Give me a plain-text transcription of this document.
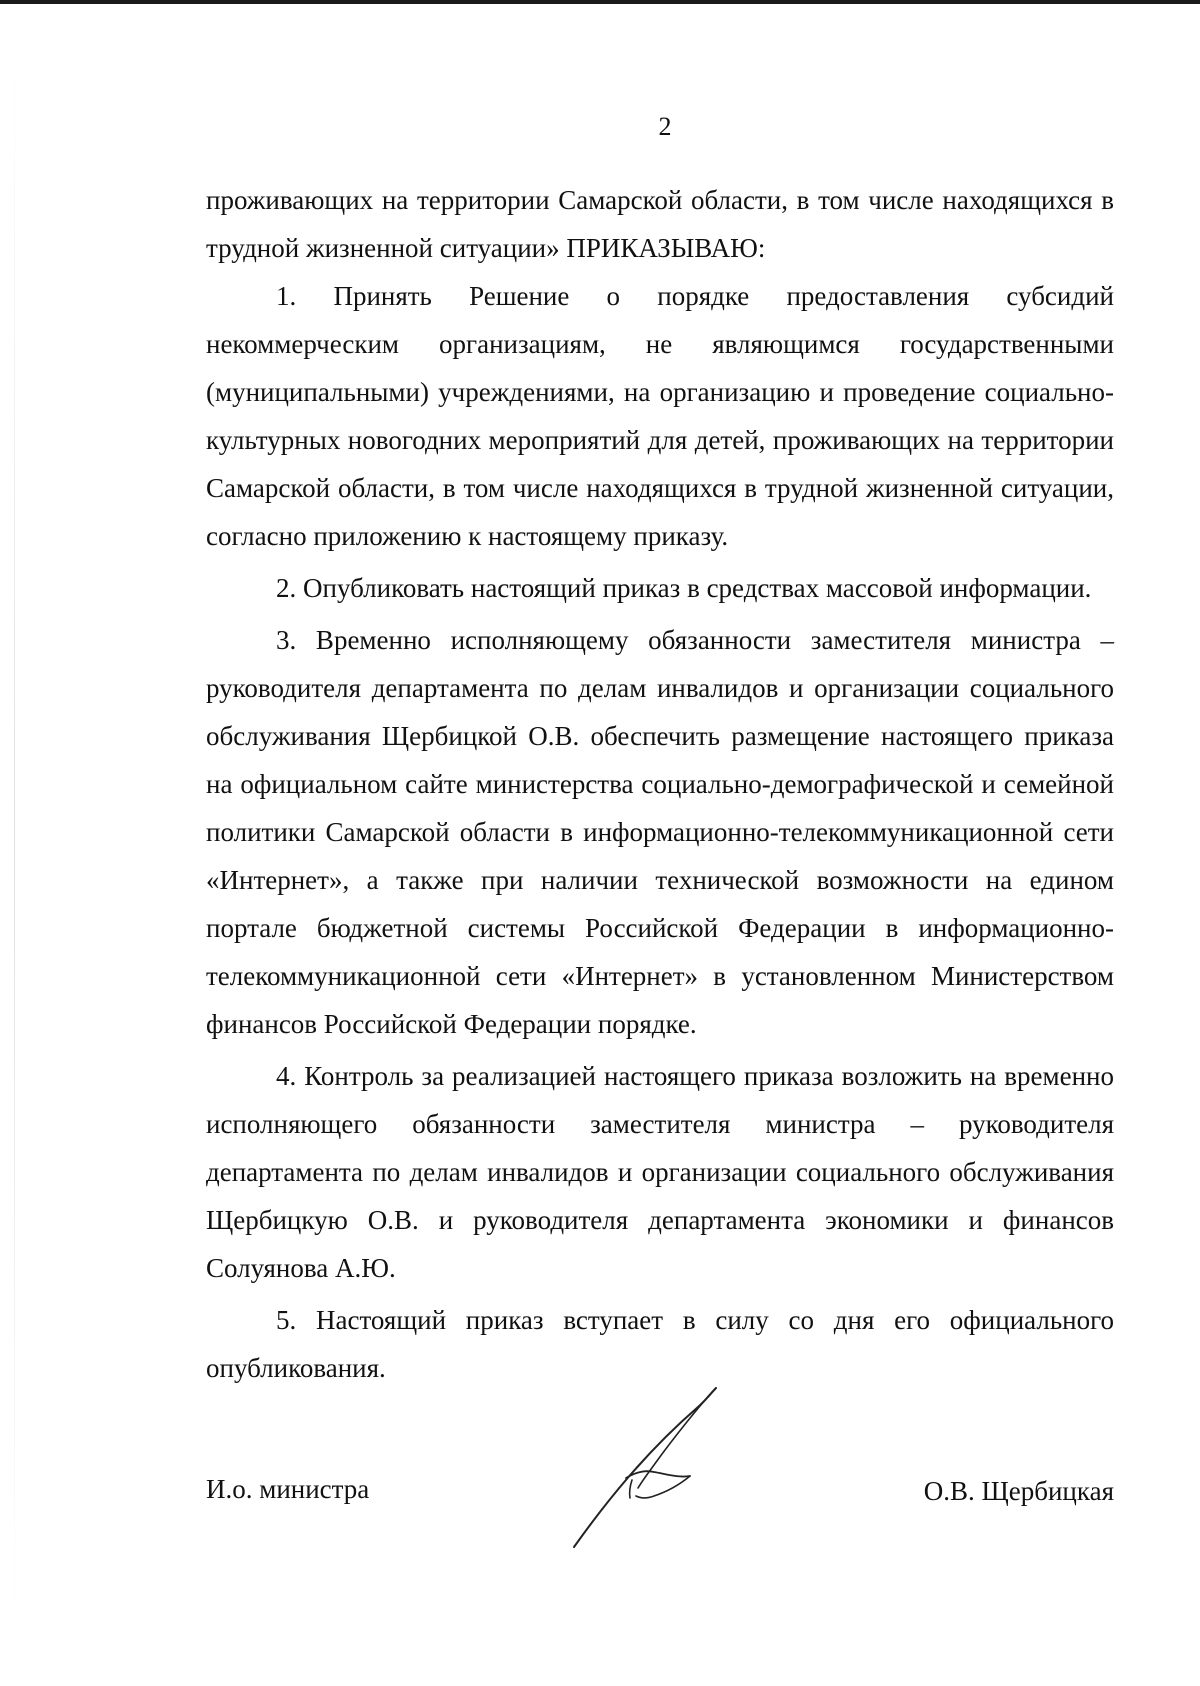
2

проживающих на территории Самарской области, в том числе находящихся в трудной жизненной ситуации» ПРИКАЗЫВАЮ:

1. Принять Решение о порядке предоставления субсидий некоммерческим организациям, не являющимся государственными (муниципальными) учреждениями, на организацию и проведение социально-культурных новогодних мероприятий для детей, проживающих на территории Самарской области, в том числе находящихся в трудной жизненной ситуации, согласно приложению к настоящему приказу.

2. Опубликовать настоящий приказ в средствах массовой информации.

3. Временно исполняющему обязанности заместителя министра – руководителя департамента по делам инвалидов и организации социального обслуживания Щербицкой О.В. обеспечить размещение настоящего приказа на официальном сайте министерства социально-демографической и семейной политики Самарской области в информационно-телекоммуникационной сети «Интернет», а также при наличии технической возможности на едином портале бюджетной системы Российской Федерации в информационно-телекоммуникационной сети «Интернет» в установленном Министерством финансов Российской Федерации порядке.

4. Контроль за реализацией настоящего приказа возложить на временно исполняющего обязанности заместителя министра – руководителя департамента по делам инвалидов и организации социального обслуживания Щербицкую О.В. и руководителя департамента экономики и финансов Солуянова А.Ю.

5. Настоящий приказ вступает в силу со дня его официального опубликования.

И.о. министра	О.В. Щербицкая
